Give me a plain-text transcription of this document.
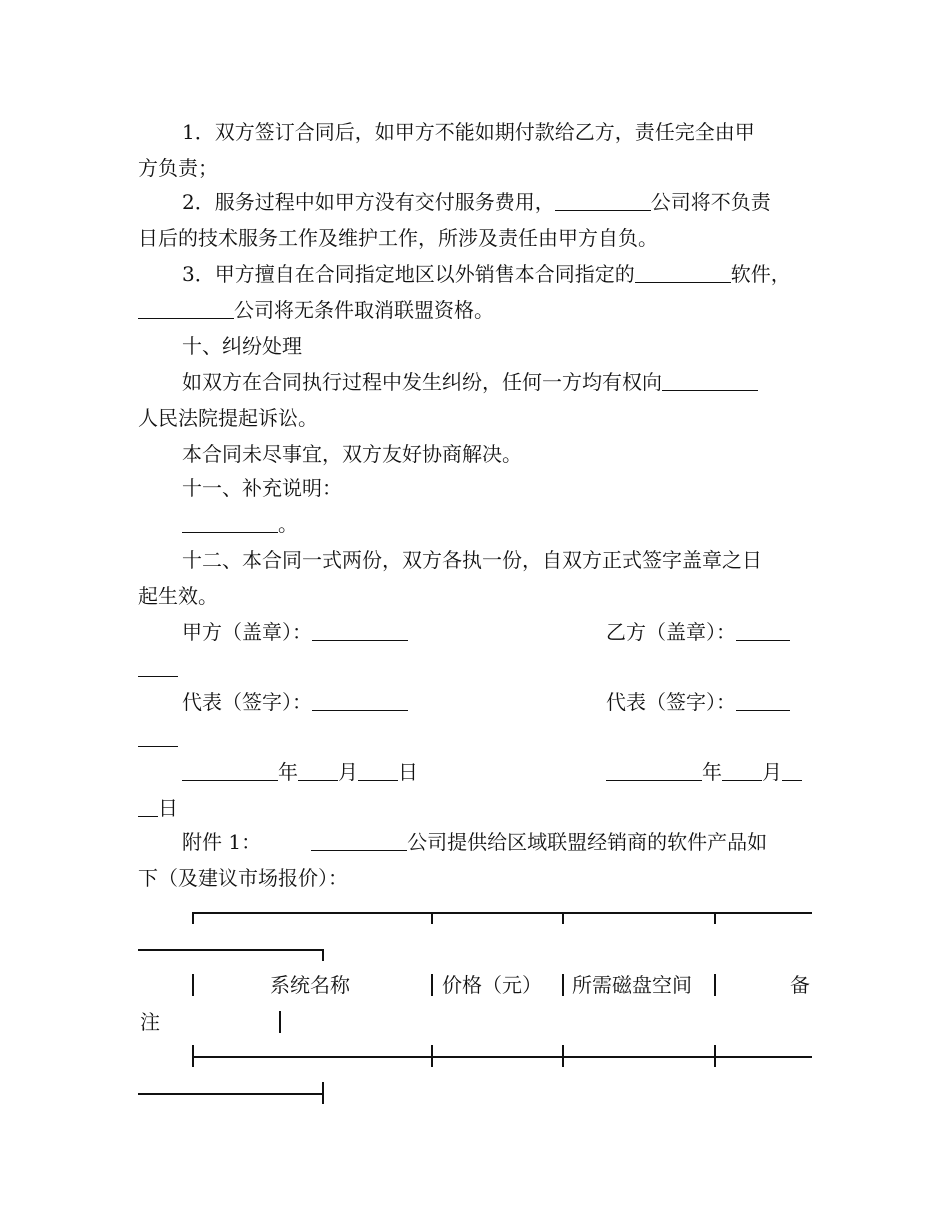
1．双方签订合同后，如甲方不能如期付款给乙方，责任完全由甲
方负责；
2．服务过程中如甲方没有交付服务费用，	公司将不负责
日后的技术服务工作及维护工作，所涉及责任由甲方自负。
3．甲方擅自在合同指定地区以外销售本合同指定的	软件，
公司将无条件取消联盟资格。
十、纠纷处理
如双方在合同执行过程中发生纠纷，任何一方均有权向
人民法院提起诉讼。
本合同未尽事宜，双方友好协商解决。
十一、补充说明：
。
十二、本合同一式两份，双方各执一份，自双方正式签字盖章之日
起生效。
甲方（盖章）：	乙方（盖章）：
代表（签字）：	代表（签字）：
年 月 日	年 月
日
附件 1：	公司提供给区域联盟经销商的软件产品如
下（及建议市场报价）：
系统名称	价格（元） 所需磁盘空间	备
注
